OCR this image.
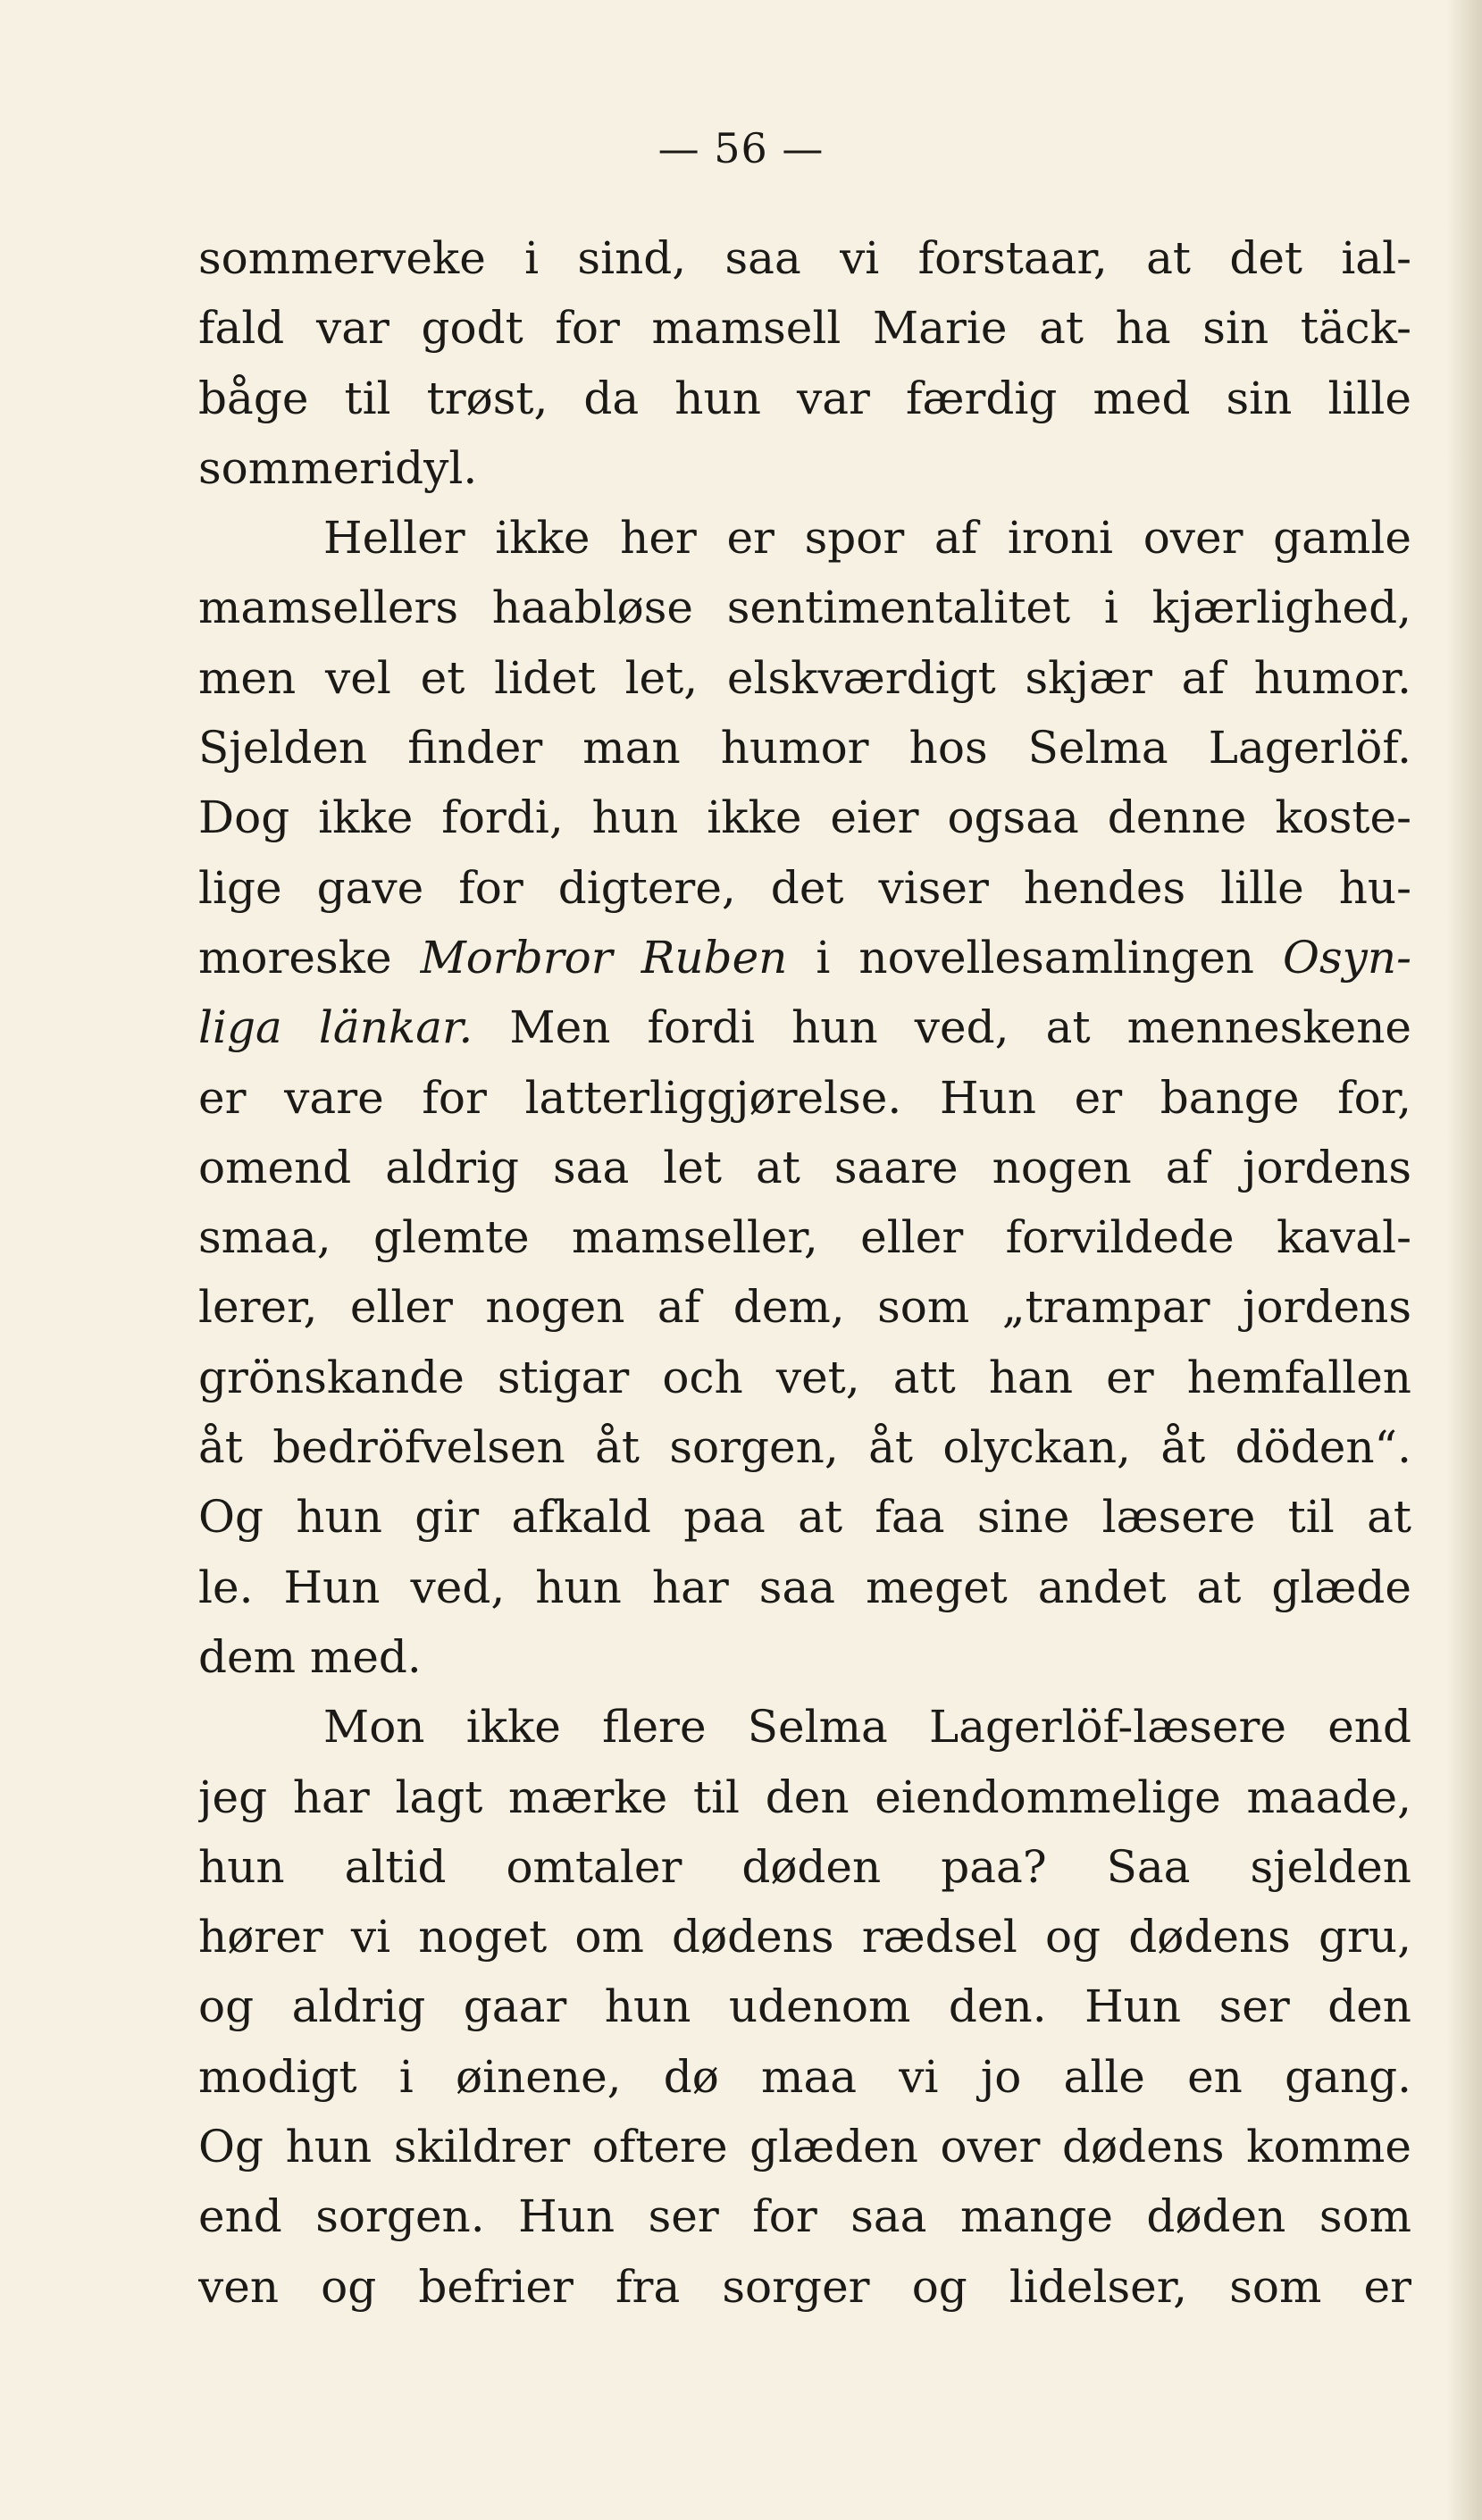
— 56 —
sommerveke i sind, saa vi forstaar, at det ial-
fald var godt for mamsell Marie at ha sin täck-
båge til trøst, da hun var færdig med sin lille
sommeridyl.
Heller ikke her er spor af ironi over gamle
mamsellers haabløse sentimentalitet i kjærlighed,
men vel et lidet let, elskværdigt skjær af humor.
Sjelden finder man humor hos Selma Lagerlöf.
Dog ikke fordi, hun ikke eier ogsaa denne koste-
lige gave for digtere, det viser hendes lille hu-
moreske Morbror Ruben i novellesamlingen Osyn-
liga länkar. Men fordi hun ved, at menneskene
er vare for latterliggjørelse. Hun er bange for,
omend aldrig saa let at saare nogen af jordens
smaa, glemte mamseller, eller forvildede kaval-
lerer, eller nogen af dem, som „trampar jordens
grönskande stigar och vet, att han er hemfallen
åt bedröfvelsen åt sorgen, åt olyckan, åt döden“.
Og hun gir afkald paa at faa sine læsere til at
le. Hun ved, hun har saa meget andet at glæde
dem med.
Mon ikke flere Selma Lagerlöf-læsere end
jeg har lagt mærke til den eiendommelige maade,
hun altid omtaler døden paa? Saa sjelden
hører vi noget om dødens rædsel og dødens gru,
og aldrig gaar hun udenom den. Hun ser den
modigt i øinene, dø maa vi jo alle en gang.
Og hun skildrer oftere glæden over dødens komme
end sorgen. Hun ser for saa mange døden som
ven og befrier fra sorger og lidelser, som er
